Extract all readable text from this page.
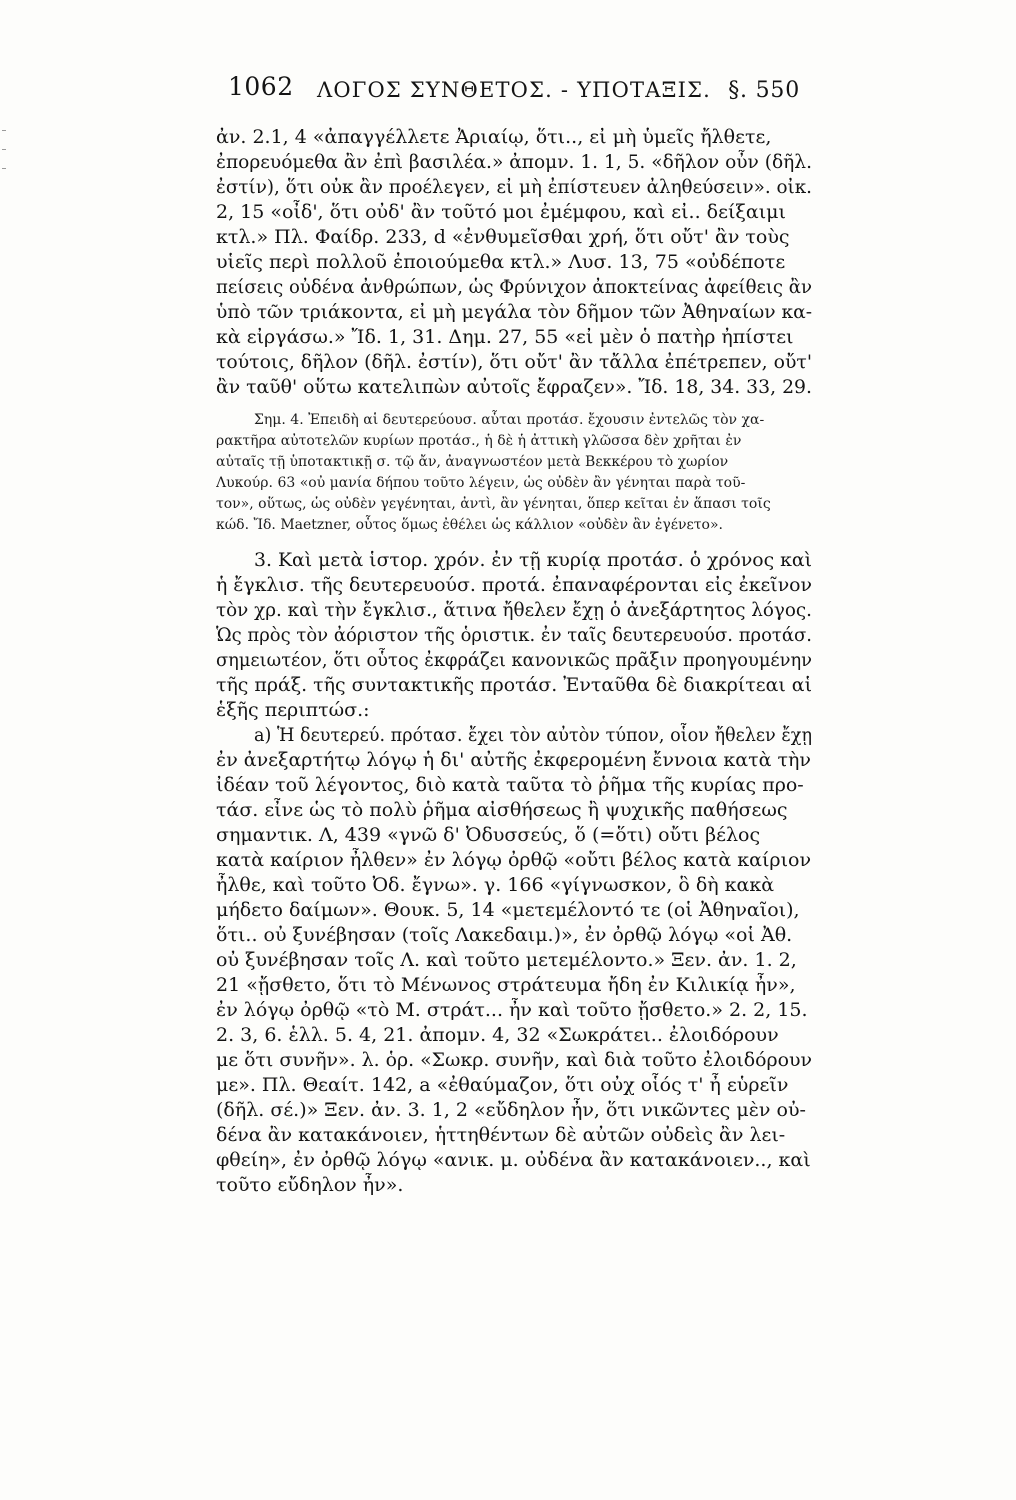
1062	ΛΟΓΟΣ ΣΥΝΘΕΤΟΣ. - ΥΠΟΤΑΞΙΣ. §. 550
ἀν. 2.1, 4 «ἀπαγγέλλετε Ἀριαίῳ, ὅτι.., εἰ μὴ ὑμεῖς ἤλθετε,
ἐπορευόμεθα ἂν ἐπὶ βασιλέα.» ἀπομν. 1. 1, 5. «δῆλον οὖν (δῆλ.
ἐστίν), ὅτι οὐκ ἂν προέλεγεν, εἰ μὴ ἐπίστευεν ἀληθεύσειν». οἰκ.
2, 15 «οἶδ', ὅτι οὐδ' ἂν τοῦτό μοι ἐμέμφου, καὶ εἰ.. δείξαιμι
κτλ.» Πλ. Φαίδρ. 233, d «ἐνθυμεῖσθαι χρή, ὅτι οὔτ' ἂν τοὺς
υἱεῖς περὶ πολλοῦ ἐποιούμεθα κτλ.» Λυσ. 13, 75 «οὐδέποτε
πείσεις οὐδένα ἀνθρώπων, ὡς Φρύνιχον ἀποκτείνας ἀφείθεις ἂν
ὑπὸ τῶν τριάκοντα, εἰ μὴ μεγάλα τὸν δῆμον τῶν Ἀθηναίων κα-
κὰ εἰργάσω.» Ἴδ. 1, 31. Δημ. 27, 55 «εἰ μὲν ὁ πατὴρ ἠπίστει
τούτοις, δῆλον (δῆλ. ἐστίν), ὅτι οὔτ' ἂν τἄλλα ἐπέτρεπεν, οὔτ'
ἂν ταῦθ' οὕτω κατελιπὼν αὐτοῖς ἔφραζεν». Ἴδ. 18, 34. 33, 29.
Σημ. 4. Ἐπειδὴ αἱ δευτερεύουσ. αὗται προτάσ. ἔχουσιν ἐντελῶς τὸν χα-
ρακτῆρα αὐτοτελῶν κυρίων προτάσ., ἡ δὲ ἡ ἀττικὴ γλῶσσα δὲν χρῆται ἐν
αὐταῖς τῇ ὑποτακτικῇ σ. τῷ ἄν, ἀναγνωστέον μετὰ Βεκκέρου τὸ χωρίον
Λυκούρ. 63 «οὐ μανία δήπου τοῦτο λέγειν, ὡς οὐδὲν ἂν γένηται παρὰ τοῦ-
τον», οὕτως, ὡς οὐδὲν γεγένηται, ἀντὶ, ἂν γένηται, ὅπερ κεῖται ἐν ἅπασι τοῖς
κώδ. Ἴδ. Maetzner, οὗτος ὅμως ἐθέλει ὡς κάλλιον «οὐδὲν ἂν ἐγένετο».
3. Καὶ μετὰ ἱστορ. χρόν. ἐν τῇ κυρίᾳ προτάσ. ὁ χρόνος καὶ
ἡ ἔγκλισ. τῆς δευτερευούσ. προτά. ἐπαναφέρονται εἰς ἐκεῖνον
τὸν χρ. καὶ τὴν ἔγκλισ., ἅτινα ἤθελεν ἔχῃ ὁ ἀνεξάρτητος λόγος.
Ὡς πρὸς τὸν ἀόριστον τῆς ὁριστικ. ἐν ταῖς δευτερευούσ. προτάσ.
σημειωτέον, ὅτι οὗτος ἐκφράζει κανονικῶς πρᾶξιν προηγουμένην
τῆς πράξ. τῆς συντακτικῆς προτάσ. Ἐνταῦθα δὲ διακρίτεαι αἱ
ἑξῆς περιπτώσ.:
a) Ἡ δευτερεύ. πρότασ. ἔχει τὸν αὐτὸν τύπον, οἷον ἤθελεν ἔχῃ
ἐν ἀνεξαρτήτῳ λόγῳ ἡ δι' αὐτῆς ἐκφερομένη ἔννοια κατὰ τὴν
ἰδέαν τοῦ λέγοντος, διὸ κατὰ ταῦτα τὸ ῥῆμα τῆς κυρίας προ-
τάσ. εἶνε ὡς τὸ πολὺ ῥῆμα αἰσθήσεως ἢ ψυχικῆς παθήσεως
σημαντικ. Λ, 439 «γνῶ δ' Ὀδυσσεύς, ὅ (=ὅτι) οὔτι βέλος
κατὰ καίριον ἦλθεν» ἐν λόγῳ ὀρθῷ «οὔτι βέλος κατὰ καίριον
ἦλθε, καὶ τοῦτο Ὀδ. ἔγνω». γ. 166 «γίγνωσκον, ὃ δὴ κακὰ
μήδετο δαίμων». Θουκ. 5, 14 «μετεμέλοντό τε (οἱ Ἀθηναῖοι),
ὅτι.. οὐ ξυνέβησαν (τοῖς Λακεδαιμ.)», ἐν ὀρθῷ λόγῳ «οἱ Ἀθ.
οὐ ξυνέβησαν τοῖς Λ. καὶ τοῦτο μετεμέλοντο.» Ξεν. ἀν. 1. 2,
21 «ᾔσθετο, ὅτι τὸ Μένωνος στράτευμα ἤδη ἐν Κιλικίᾳ ἦν»,
ἐν λόγῳ ὀρθῷ «τὸ Μ. στράτ... ἦν καὶ τοῦτο ᾔσθετο.» 2. 2, 15.
2. 3, 6. ἑλλ. 5. 4, 21. ἀπομν. 4, 32 «Σωκράτει.. ἐλοιδόρουν
με ὅτι συνῆν». λ. ὁρ. «Σωκρ. συνῆν, καὶ διὰ τοῦτο ἐλοιδόρουν
με». Πλ. Θεαίτ. 142, a «ἐθαύμαζον, ὅτι οὐχ οἷός τ' ἦ εὑρεῖν
(δῆλ. σέ.)» Ξεν. ἀν. 3. 1, 2 «εὔδηλον ἦν, ὅτι νικῶντες μὲν οὐ-
δένα ἂν κατακάνοιεν, ἡττηθέντων δὲ αὐτῶν οὐδεὶς ἂν λει-
φθείη», ἐν ὀρθῷ λόγῳ «ανικ. μ. οὐδένα ἂν κατακάνοιεν.., καὶ
τοῦτο εὔδηλον ἦν».
